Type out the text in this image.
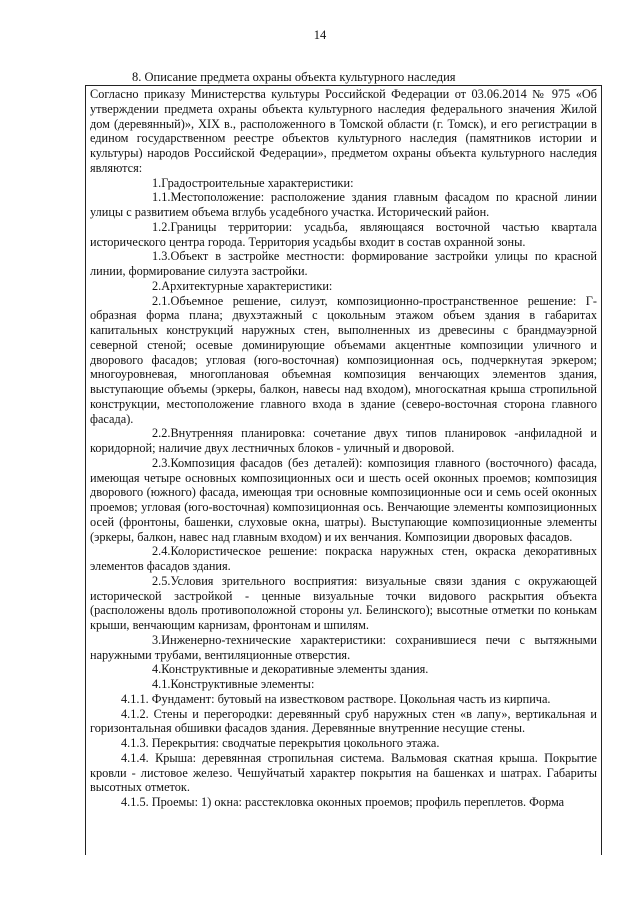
14
8. Описание предмета охраны объекта культурного наследия

Согласно приказу Министерства культуры Российской Федерации от 03.06.2014 № 975 «Об утверждении предмета охраны объекта культурного наследия федерального значения Жилой дом (деревянный)», XIX в., расположенного в Томской области (г. Томск), и его регистрации в едином государственном реестре объектов культурного наследия (памятников истории и культуры) народов Российской Федерации», предметом охраны объекта культурного наследия являются:

1.Градостроительные характеристики:

1.1.Местоположение: расположение здания главным фасадом по красной линии улицы с развитием объема вглубь усадебного участка. Исторический район.

1.2.Границы территории: усадьба, являющаяся восточной частью квартала исторического центра города. Территория усадьбы входит в состав охранной зоны.

1.3.Объект в застройке местности: формирование застройки улицы по красной линии, формирование силуэта застройки.

2.Архитектурные характеристики:

2.1.Объемное решение, силуэт, композиционно-пространственное решение: Г-образная форма плана; двухэтажный с цокольным этажом объем здания в габаритах капитальных конструкций наружных стен, выполненных из древесины с брандмауэрной северной стеной; осевые доминирующие объемами акцентные композиции уличного и дворового фасадов; угловая (юго-восточная) композиционная ось, подчеркнутая эркером; многоуровневая, многоплановая объемная композиция венчающих элементов здания, выступающие объемы (эркеры, балкон, навесы над входом), многоскатная крыша стропильной конструкции, местоположение главного входа в здание (северо-восточная сторона главного фасада).

2.2.Внутренняя планировка: сочетание двух типов планировок -анфиладной и коридорной; наличие двух лестничных блоков - уличный и дворовой.

2.3.Композиция фасадов (без деталей): композиция главного (восточного) фасада, имеющая четыре основных композиционных оси и шесть осей оконных проемов; композиция дворового (южного) фасада, имеющая три основные композиционные оси и семь осей оконных проемов; угловая (юго-восточная) композиционная ось. Венчающие элементы композиционных осей (фронтоны, башенки, слуховые окна, шатры). Выступающие композиционные элементы (эркеры, балкон, навес над главным входом) и их венчания. Композиции дворовых фасадов.

2.4.Колористическое решение: покраска наружных стен, окраска декоративных элементов фасадов здания.

2.5.Условия зрительного восприятия: визуальные связи здания с окружающей исторической застройкой - ценные визуальные точки видового раскрытия объекта (расположены вдоль противоположной стороны ул. Белинского); высотные отметки по конькам крыши, венчающим карнизам, фронтонам и шпилям.

3.Инженерно-технические характеристики: сохранившиеся печи с вытяжными наружными трубами, вентиляционные отверстия.

4.Конструктивные и декоративные элементы здания.

4.1.Конструктивные элементы:

4.1.1. Фундамент: бутовый на известковом растворе. Цокольная часть из кирпича.

4.1.2. Стены и перегородки: деревянный сруб наружных стен «в лапу», вертикальная и горизонтальная обшивки фасадов здания. Деревянные внутренние несущие стены.

4.1.3. Перекрытия: сводчатые перекрытия цокольного этажа.

4.1.4. Крыша: деревянная стропильная система. Вальмовая скатная крыша. Покрытие кровли - листовое железо. Чешуйчатый характер покрытия на башенках и шатрах. Габариты высотных отметок.

4.1.5. Проемы: 1) окна: расстекловка оконных проемов; профиль переплетов. Форма
